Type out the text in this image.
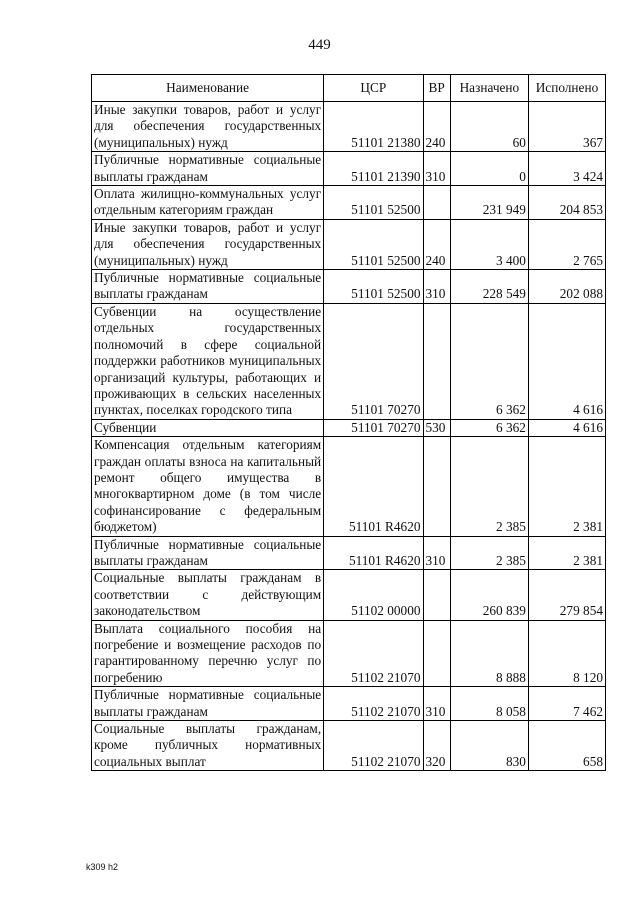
449
Наименование	ЦСР	ВР	Назначено	Исполнено
Иные закупки товаров, работ и услуг для обеспечения государственных (муниципальных) нужд	51101 21380	240	60	367
Публичные нормативные социальные выплаты гражданам	51101 21390	310	0	3 424
Оплата жилищно-коммунальных услуг отдельным категориям граждан	51101 52500		231 949	204 853
Иные закупки товаров, работ и услуг для обеспечения государственных (муниципальных) нужд	51101 52500	240	3 400	2 765
Публичные нормативные социальные выплаты гражданам	51101 52500	310	228 549	202 088
Субвенции на осуществление отдельных государственных полномочий в сфере социальной поддержки работников муниципальных организаций культуры, работающих и проживающих в сельских населенных пунктах, поселках городского типа	51101 70270		6 362	4 616
Субвенции	51101 70270	530	6 362	4 616
Компенсация отдельным категориям граждан оплаты взноса на капитальный ремонт общего имущества в многоквартирном доме (в том числе софинансирование с федеральным бюджетом)	51101 R4620		2 385	2 381
Публичные нормативные социальные выплаты гражданам	51101 R4620	310	2 385	2 381
Социальные выплаты гражданам в соответствии с действующим законодательством	51102 00000		260 839	279 854
Выплата социального пособия на погребение и возмещение расходов по гарантированному перечню услуг по погребению	51102 21070		8 888	8 120
Публичные нормативные социальные выплаты гражданам	51102 21070	310	8 058	7 462
Социальные выплаты гражданам, кроме публичных нормативных социальных выплат	51102 21070	320	830	658
k309 h2
